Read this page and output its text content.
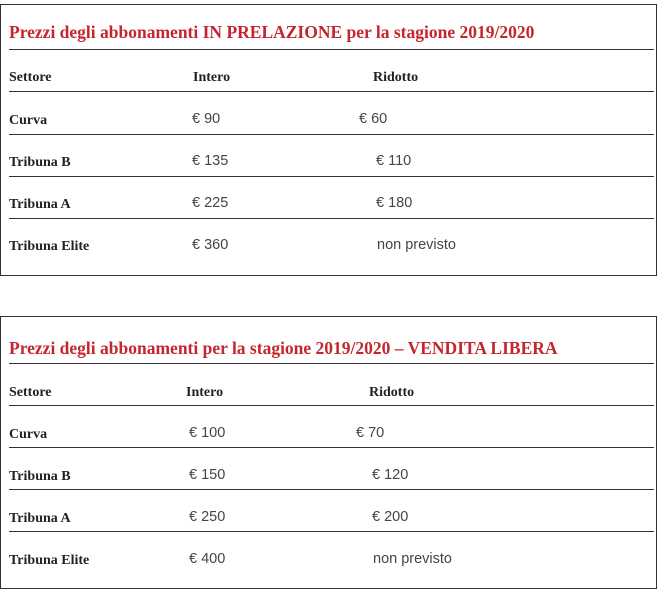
Prezzi degli abbonamenti IN PRELAZIONE per la stagione 2019/2020
Settore	Intero	Ridotto
Curva	€ 90	€ 60
Tribuna B	€ 135	€ 110
Tribuna A	€ 225	€ 180
Tribuna Elite	€ 360	non previsto
Prezzi degli abbonamenti per la stagione 2019/2020 – VENDITA LIBERA
Settore	Intero	Ridotto
Curva	€ 100	€ 70
Tribuna B	€ 150	€ 120
Tribuna A	€ 250	€ 200
Tribuna Elite	€ 400	non previsto
